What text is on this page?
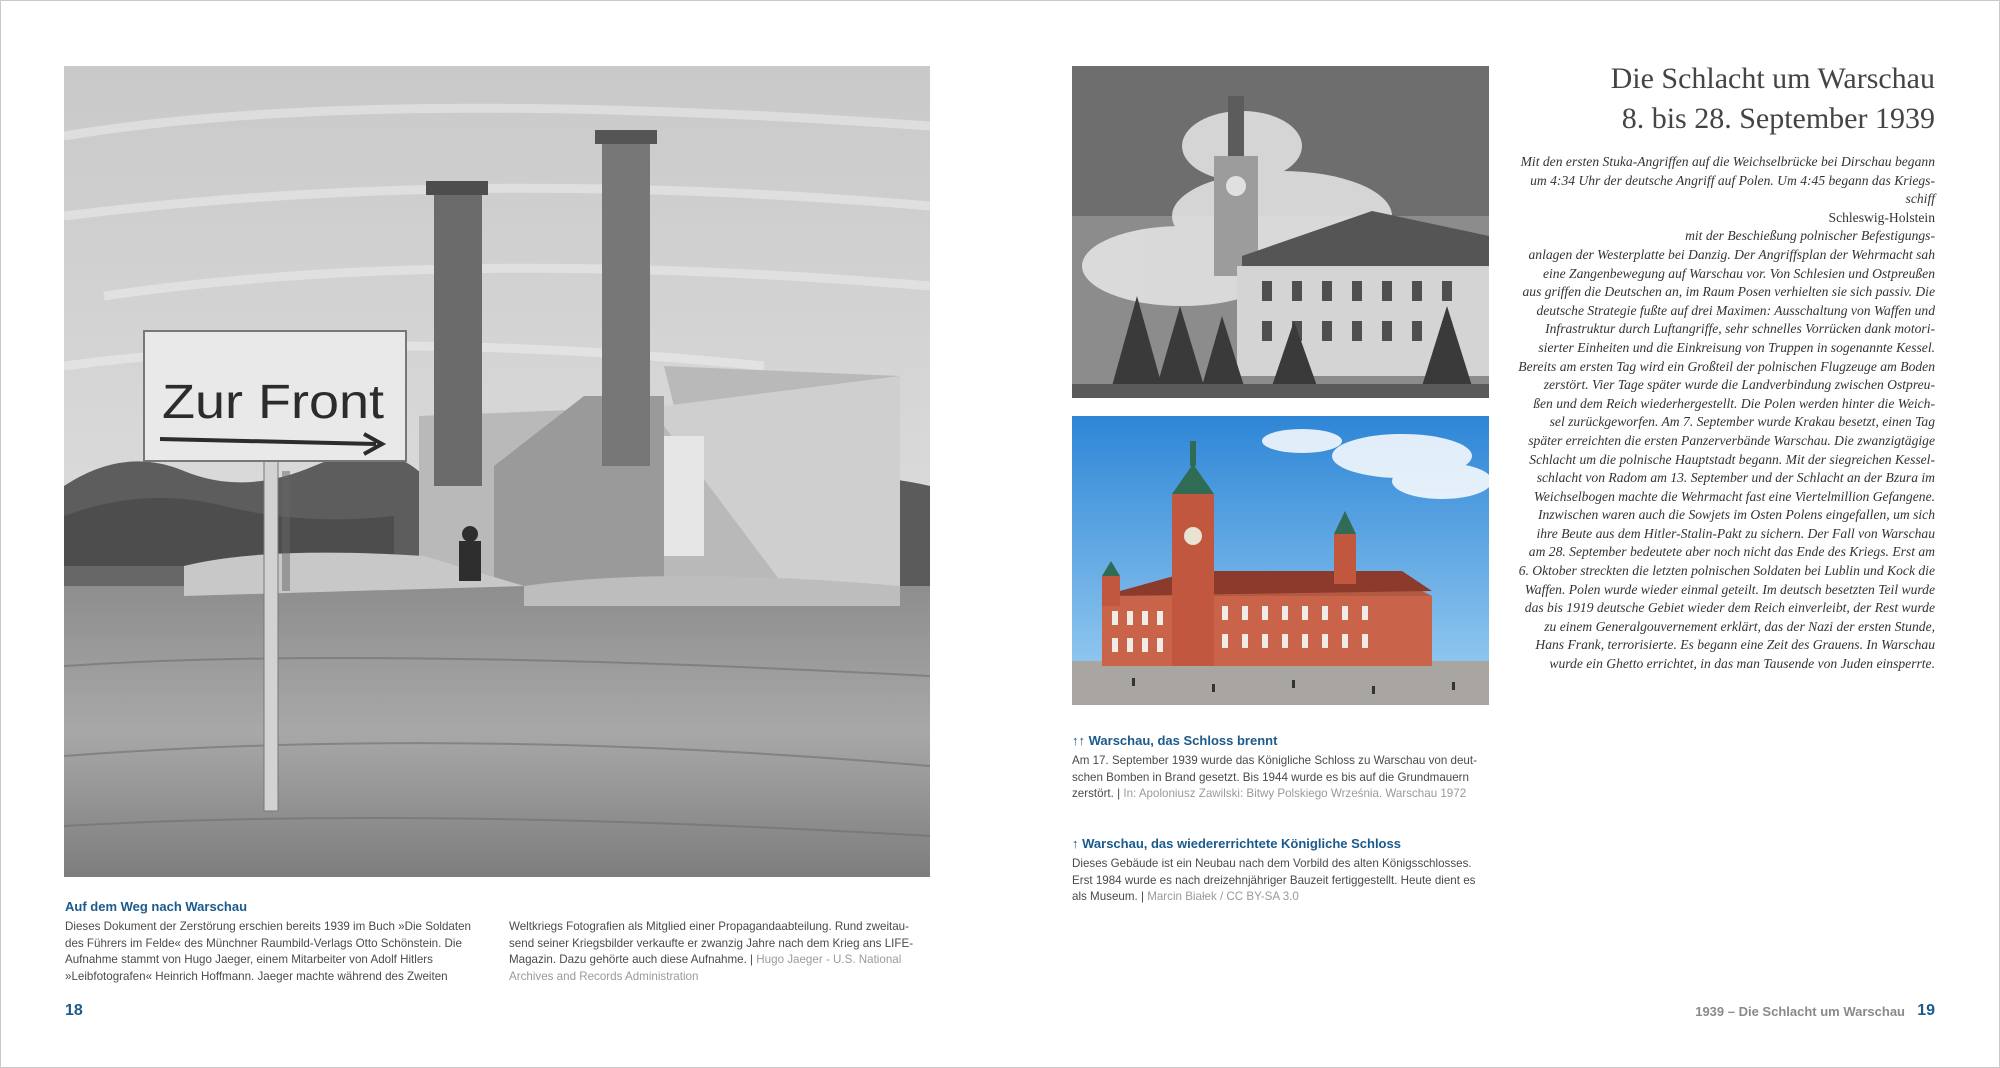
Zur Front

Auf dem Weg nach Warschau

Dieses Dokument der Zerstörung erschien bereits 1939 im Buch »Die Soldaten
des Führers im Felde« des Münchner Raumbild-Verlags Otto Schönstein. Die
Aufnahme stammt von Hugo Jaeger, einem Mitarbeiter von Adolf Hitlers
»Leibfotografen« Heinrich Hoffmann. Jaeger machte während des Zweiten

Weltkriegs Fotografien als Mitglied einer Propagandaabteilung. Rund zweitau-
send seiner Kriegsbilder verkaufte er zwanzig Jahre nach dem Krieg ans LIFE-
Magazin. Dazu gehörte auch diese Aufnahme. | Hugo Jaeger - U.S. National
Archives and Records Administration

18

Die Schlacht um Warschau
8. bis 28. September 1939
Mit den ersten Stuka-Angriffen auf die Weichselbrücke bei Dirschau begann
um 4:34 Uhr der deutsche Angriff auf Polen. Um 4:45 begann das Kriegs-
schiff
Schleswig-Holstein
mit der Beschießung polnischer Befestigungs-
anlagen der Westerplatte bei Danzig. Der Angriffsplan der Wehrmacht sah
eine Zangenbewegung auf Warschau vor. Von Schlesien und Ostpreußen
aus griffen die Deutschen an, im Raum Posen verhielten sie sich passiv. Die
deutsche Strategie fußte auf drei Maximen: Ausschaltung von Waffen und
Infrastruktur durch Luftangriffe, sehr schnelles Vorrücken dank motori-
sierter Einheiten und die Einkreisung von Truppen in sogenannte Kessel.
Bereits am ersten Tag wird ein Großteil der polnischen Flugzeuge am Boden
zerstört. Vier Tage später wurde die Landverbindung zwischen Ostpreu-
ßen und dem Reich wiederhergestellt. Die Polen werden hinter die Weich-
sel zurückgeworfen. Am 7. September wurde Krakau besetzt, einen Tag
später erreichten die ersten Panzerverbände Warschau. Die zwanzigtägige
Schlacht um die polnische Hauptstadt begann. Mit der siegreichen Kessel-
schlacht von Radom am 13. September und der Schlacht an der Bzura im
Weichselbogen machte die Wehrmacht fast eine Viertelmillion Gefangene.
Inzwischen waren auch die Sowjets im Osten Polens eingefallen, um sich
ihre Beute aus dem Hitler-Stalin-Pakt zu sichern. Der Fall von Warschau
am 28. September bedeutete aber noch nicht das Ende des Kriegs. Erst am
6. Oktober streckten die letzten polnischen Soldaten bei Lublin und Kock die
Waffen. Polen wurde wieder einmal geteilt. Im deutsch besetzten Teil wurde
das bis 1919 deutsche Gebiet wieder dem Reich einverleibt, der Rest wurde
zu einem Generalgouvernement erklärt, das der Nazi der ersten Stunde,
Hans Frank, terrorisierte. Es begann eine Zeit des Grauens. In Warschau
wurde ein Ghetto errichtet, in das man Tausende von Juden einsperrte.

↑↑ Warschau, das Schloss brennt

Am 17. September 1939 wurde das Königliche Schloss zu Warschau von deut-
schen Bomben in Brand gesetzt. Bis 1944 wurde es bis auf die Grundmauern
zerstört. | In: Apoloniusz Zawilski: Bitwy Polskiego Września. Warschau 1972

↑ Warschau, das wiedererrichtete Königliche Schloss

Dieses Gebäude ist ein Neubau nach dem Vorbild des alten Königsschlosses.
Erst 1984 wurde es nach dreizehnjähriger Bauzeit fertiggestellt. Heute dient es
als Museum. | Marcin Białek / CC BY-SA 3.0

1939 – Die Schlacht um Warschau 19
